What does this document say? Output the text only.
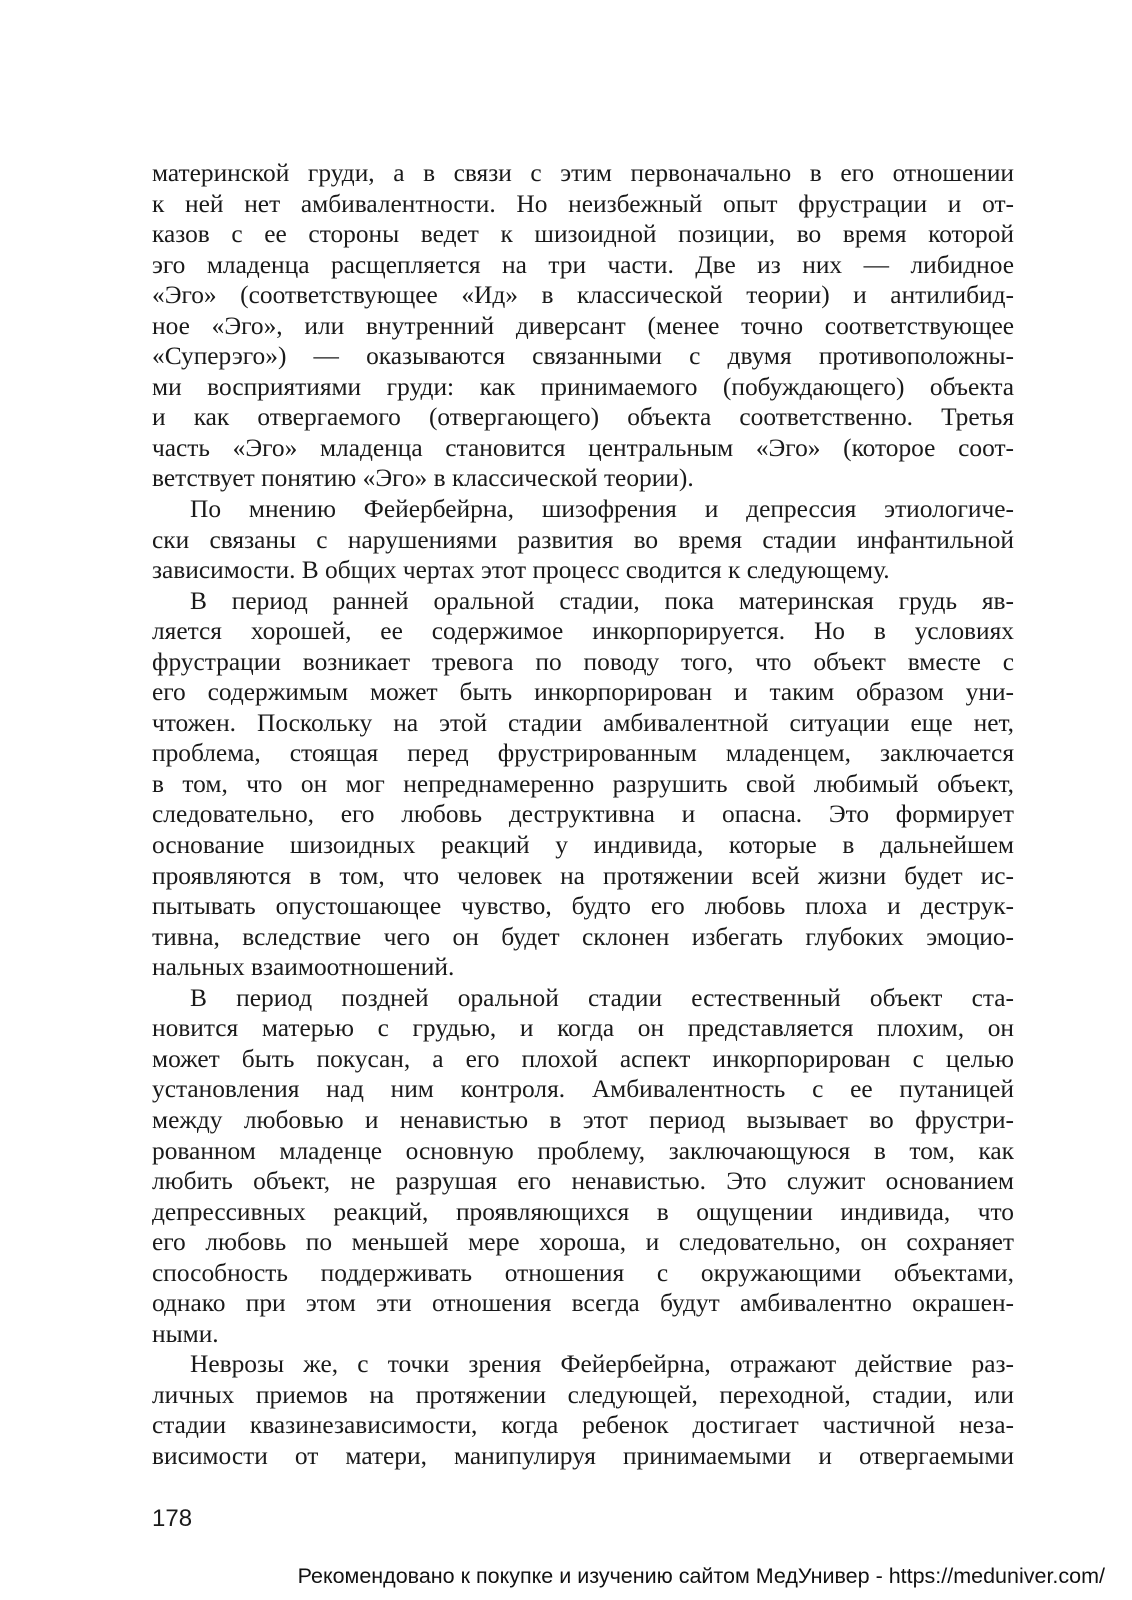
материнской груди, а в связи с этим первоначально в его отношении
к ней нет амбивалентности. Но неизбежный опыт фрустрации и от-
казов с ее стороны ведет к шизоидной позиции, во время которой
эго младенца расщепляется на три части. Две из них — либидное
«Эго» (соответствующее «Ид» в классической теории) и антилибид-
ное «Эго», или внутренний диверсант (менее точно соответствующее
«Суперэго») — оказываются связанными с двумя противоположны-
ми восприятиями груди: как принимаемого (побуждающего) объекта
и как отвергаемого (отвергающего) объекта соответственно. Третья
часть «Эго» младенца становится центральным «Эго» (которое соот-
ветствует понятию «Эго» в классической теории).
По мнению Фейербейрна, шизофрения и депрессия этиологиче-
ски связаны с нарушениями развития во время стадии инфантильной
зависимости. В общих чертах этот процесс сводится к следующему.
В период ранней оральной стадии, пока материнская грудь яв-
ляется хорошей, ее содержимое инкорпорируется. Но в условиях
фрустрации возникает тревога по поводу того, что объект вместе с
его содержимым может быть инкорпорирован и таким образом уни-
чтожен. Поскольку на этой стадии амбивалентной ситуации еще нет,
проблема, стоящая перед фрустрированным младенцем, заключается
в том, что он мог непреднамеренно разрушить свой любимый объект,
следовательно, его любовь деструктивна и опасна. Это формирует
основание шизоидных реакций у индивида, которые в дальнейшем
проявляются в том, что человек на протяжении всей жизни будет ис-
пытывать опустошающее чувство, будто его любовь плоха и деструк-
тивна, вследствие чего он будет склонен избегать глубоких эмоцио-
нальных взаимоотношений.
В период поздней оральной стадии естественный объект ста-
новится матерью с грудью, и когда он представляется плохим, он
может быть покусан, а его плохой аспект инкорпорирован с целью
установления над ним контроля. Амбивалентность с ее путаницей
между любовью и ненавистью в этот период вызывает во фрустри-
рованном младенце основную проблему, заключающуюся в том, как
любить объект, не разрушая его ненавистью. Это служит основанием
депрессивных реакций, проявляющихся в ощущении индивида, что
его любовь по меньшей мере хороша, и следовательно, он сохраняет
способность поддерживать отношения с окружающими объектами,
однако при этом эти отношения всегда будут амбивалентно окрашен-
ными.
Неврозы же, с точки зрения Фейербейрна, отражают действие раз-
личных приемов на протяжении следующей, переходной, стадии, или
стадии квазинезависимости, когда ребенок достигает частичной неза-
висимости от матери, манипулируя принимаемыми и отвергаемыми
178
Рекомендовано к покупке и изучению сайтом МедУнивер - https://meduniver.com/
